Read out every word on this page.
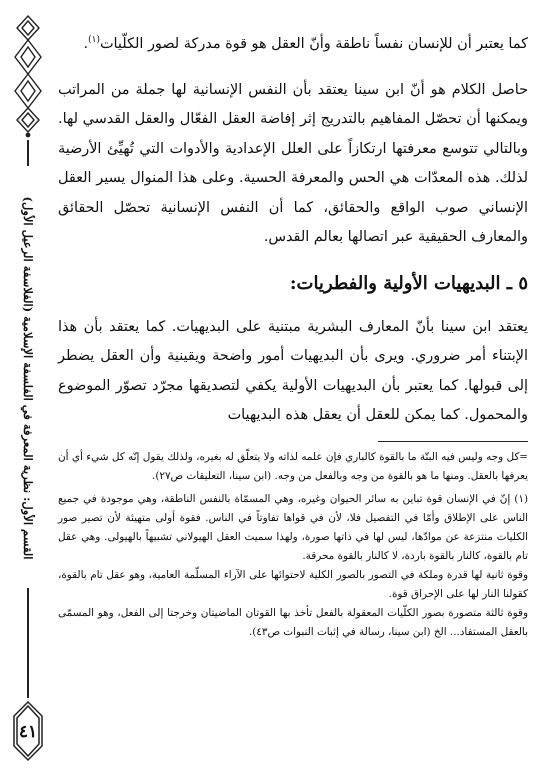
القسم الأول: نظرية المعرفة في الفلسفة الإسلامية (الفلاسفة الرعيل الأول)
٤١

كما يعتبر أن للإنسان نفساً ناطقة وأنّ العقل هو قوة مدركة لصور الكلّيات$^{(١)}$.

حاصل الكلام هو أنّ ابن سينا يعتقد بأن النفس الإنسانية لها جملة من المراتب ويمكنها أن تحصّل المفاهيم بالتدريج إثر إفاضة العقل الفعّال والعقل القدسي لها. وبالتالي تتوسع معرفتها ارتكازاً على العلل الإعدادية والأدوات التي تُهيِّئ الأرضية لذلك. هذه المعدّات هي الحس والمعرفة الحسية. وعلى هذا المنوال يسير العقل الإنساني صوب الواقع والحقائق، كما أن النفس الإنسانية تحصّل الحقائق والمعارف الحقيقية عبر اتصالها بعالم القدس.

٥ ـ البديهيات الأولية والفطريات:

يعتقد ابن سينا بأنّ المعارف البشرية مبتنية على البديهيات. كما يعتقد بأن هذا الإبتناء أمر ضروري. ويرى بأن البديهيات أمور واضحة ويقينية وأن العقل يضطر إلى قبولها. كما يعتبر بأن البديهيات الأولية يكفي لتصديقها مجرّد تصوّر الموضوع والمحمول. كما يمكن للعقل أن يعقل هذه البديهيات

=كل وجه وليس فيه البتّة ما بالقوة كالباري فإن علمه لذاته ولا يتعلّق له بغيره، ولذلك يقول إنّه كل شيء أي أن يعرفها بالعقل. ومنها ما هو بالقوة من وجه وبالفعل من وجه. (ابن سينا، التعليقات ص٢٧).

(١) إنّ في الإنسان قوة تباين به سائر الحيوان وغيره، وهي المسمّاة بالنفس الناطقة، وهي موجودة في جميع الناس على الإطلاق وأمّا في التفصيل فلا، لأن في قواها تفاوتاً في الناس. فقوة أولى متهيئة لأن تصير صور الكليات منتزعة عن موادّها، ليس لها في ذاتها صورة، ولهذا سميت العقل الهيولاني تشبيهاً بالهيولى. وهي عقل تام بالقوة، كالنار بالقوة باردة، لا كالنار بالقوة محرقة.

وقوة ثانية لها قدرة وملكة في التصور بالصور الكلية لاحتوائها على الآراء المسلّمة العامية، وهو عقل تام بالقوة، كقولنا النار لها على الإحراق قوة.

وقوة ثالثة متصورة بصور الكلّيات المعقولة بالفعل تأخذ بها القوتان الماضيتان وخرجتا إلى الفعل، وهو المسمّى بالعقل المستفاد... الخ (ابن سينا، رسالة في إثبات النبوات ص٤٣).
